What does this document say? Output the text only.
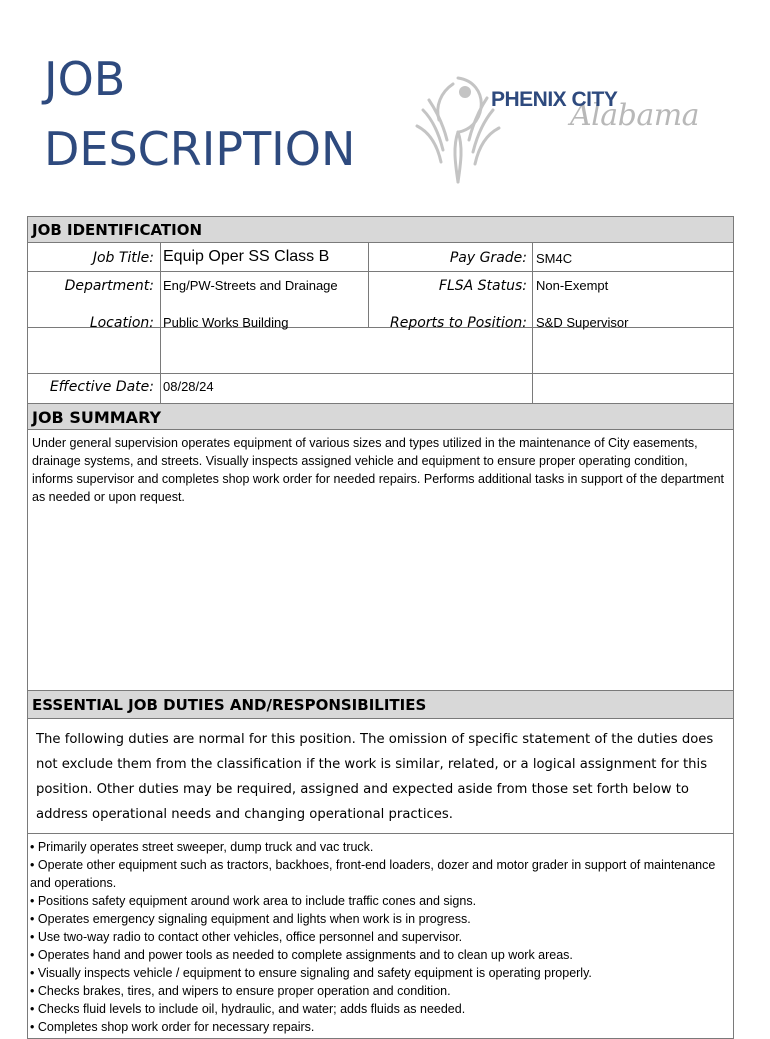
JOB
DESCRIPTION
Alabama
PHENIX CITY
JOB IDENTIFICATION
Job Title: Equip Oper SS Class B	Pay Grade: SM4C
Department: Eng/PW-Streets and Drainage	FLSA Status: Non-Exempt
Location: Public Works Building	Reports to Position: S&D Supervisor
Effective Date: 08/28/24
JOB SUMMARY
Under general supervision operates equipment of various sizes and types utilized in the maintenance of City easements, drainage systems, and streets. Visually inspects assigned vehicle and equipment to ensure proper operating condition, informs supervisor and completes shop work order for needed repairs. Performs additional tasks in support of the department as needed or upon request.
ESSENTIAL JOB DUTIES AND/RESPONSIBILITIES
The following duties are normal for this position. The omission of specific statement of the duties does not exclude them from the classification if the work is similar, related, or a logical assignment for this position. Other duties may be required, assigned and expected aside from those set forth below to address operational needs and changing operational practices.
• Primarily operates street sweeper, dump truck and vac truck.
• Operate other equipment such as tractors, backhoes, front-end loaders, dozer and motor grader in support of maintenance and operations.
• Positions safety equipment around work area to include traffic cones and signs.
• Operates emergency signaling equipment and lights when work is in progress.
• Use two-way radio to contact other vehicles, office personnel and supervisor.
• Operates hand and power tools as needed to complete assignments and to clean up work areas.
• Visually inspects vehicle / equipment to ensure signaling and safety equipment is operating properly.
• Checks brakes, tires, and wipers to ensure proper operation and condition.
• Checks fluid levels to include oil, hydraulic, and water; adds fluids as needed.
• Completes shop work order for necessary repairs.
